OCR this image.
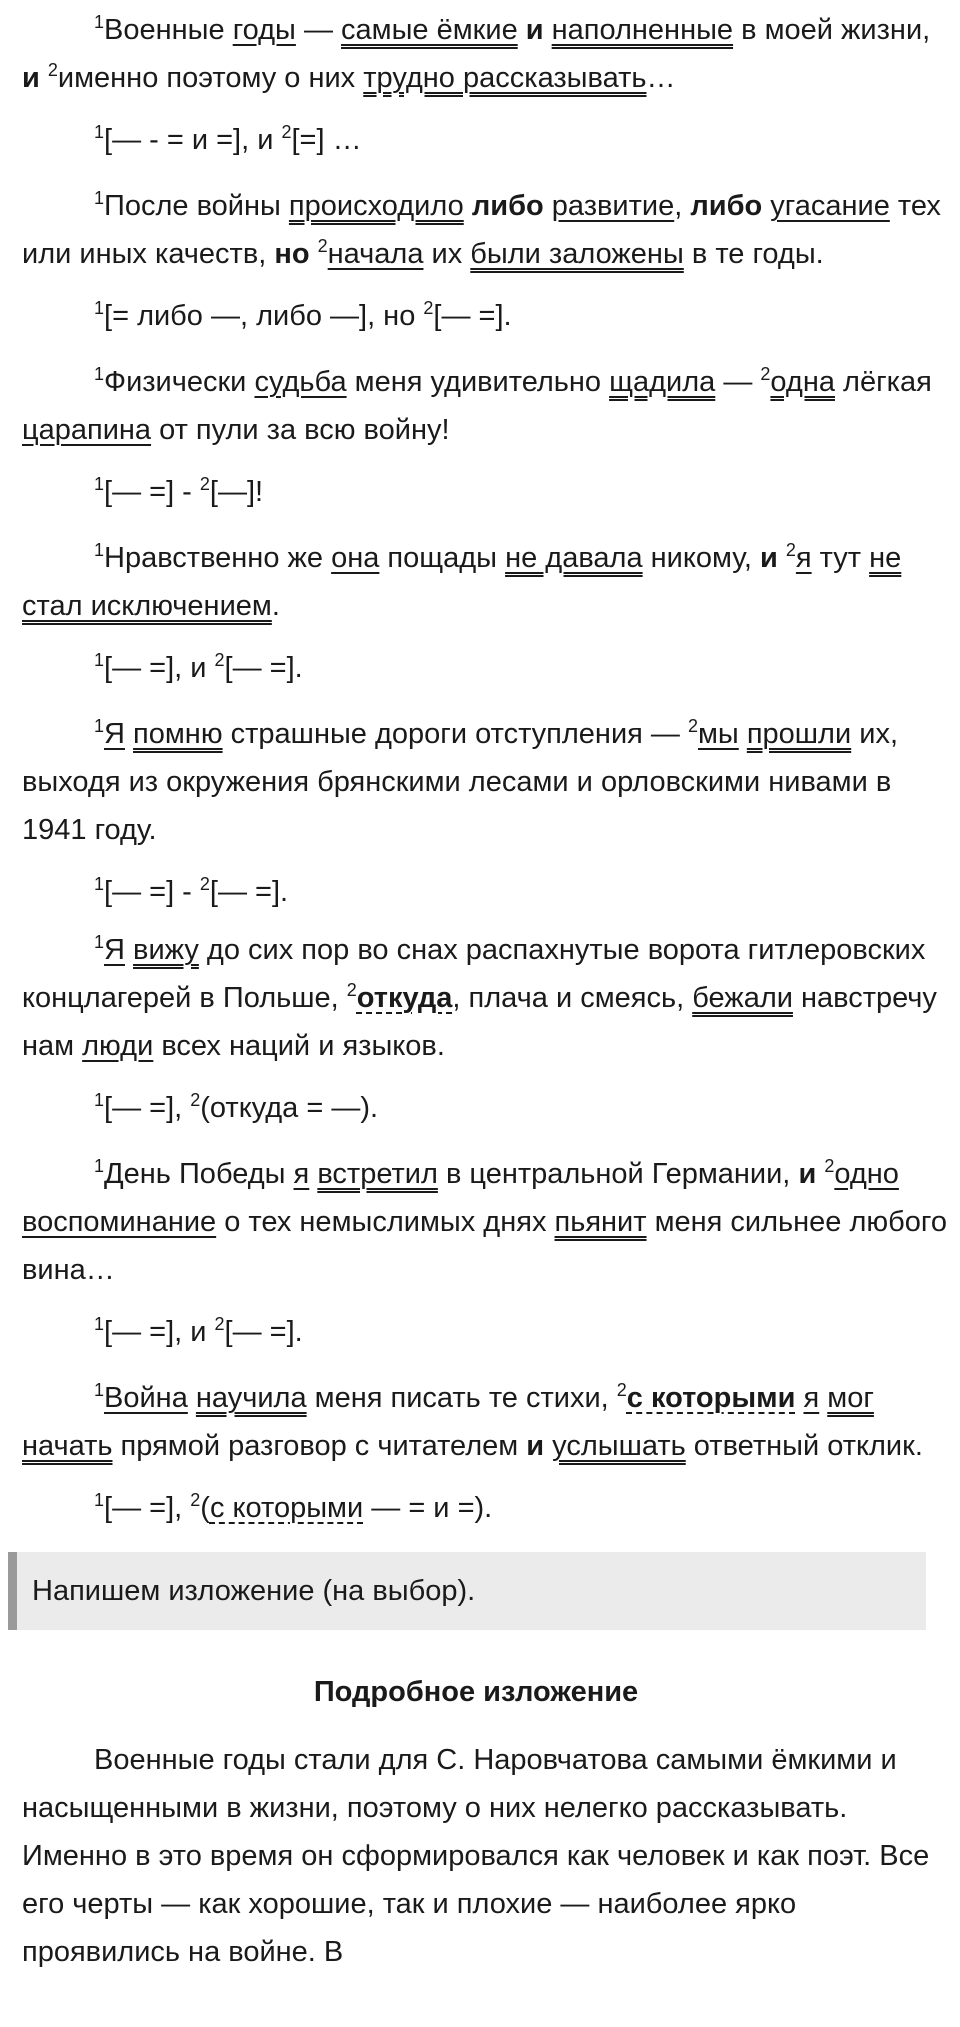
$^1$Военные годы — самые ёмкие и наполненные в моей жизни, и $^2$именно поэтому о них трудно рассказывать…

$^1$[— - = и =], и $^2$[=] …

$^1$После войны происходило либо развитие, либо угасание тех или иных качеств, но $^2$начала их были заложены в те годы.

$^1$[= либо —, либо —], но $^2$[— =].

$^1$Физически судьба меня удивительно щадила — $^2$одна лёгкая царапина от пули за всю войну!

$^1$[— =] - $^2$[—]!

$^1$Нравственно же она пощады не давала никому, и $^2$я тут не стал исключением.

$^1$[— =], и $^2$[— =].

$^1$Я помню страшные дороги отступления — $^2$мы прошли их, выходя из окружения брянскими лесами и орловскими нивами в 1941 году.

$^1$[— =] - $^2$[— =].

$^1$Я вижу до сих пор во снах распахнутые ворота гитлеровских концлагерей в Польше, $^2$откуда, плача и смеясь, бежали навстречу нам люди всех наций и языков.

$^1$[— =], $^2$(откуда = —).

$^1$День Победы я встретил в центральной Германии, и $^2$одно воспоминание о тех немыслимых днях пьянит меня сильнее любого вина…

$^1$[— =], и $^2$[— =].

$^1$Война научила меня писать те стихи, $^2$с которыми я мог начать прямой разговор с читателем и услышать ответный отклик.

$^1$[— =], $^2$(с которыми — = и =).

Напишем изложение (на выбор).
Подробное изложение

Военные годы стали для С. Наровчатова самыми ёмкими и насыщенными в жизни, поэтому о них нелегко рассказывать. Именно в это время он сформировался как человек и как поэт. Все его черты — как хорошие, так и плохие — наиболее ярко проявились на войне. В
